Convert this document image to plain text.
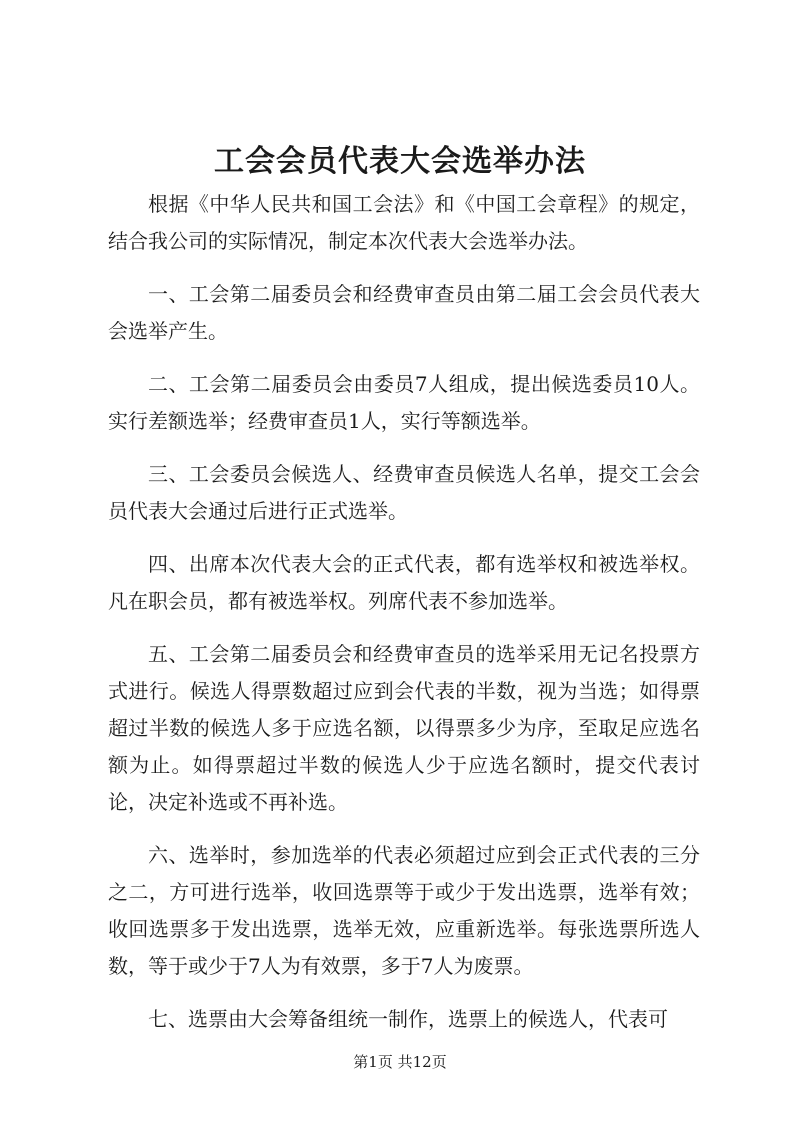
工会会员代表大会选举办法

根据《中华人民共和国工会法》和《中国工会章程》的规定，结合我公司的实际情况，制定本次代表大会选举办法。

一、工会第二届委员会和经费审查员由第二届工会会员代表大会选举产生。

二、工会第二届委员会由委员7人组成，提出候选委员10人。实行差额选举；经费审查员1人，实行等额选举。

三、工会委员会候选人、经费审查员候选人名单，提交工会会员代表大会通过后进行正式选举。

四、出席本次代表大会的正式代表，都有选举权和被选举权。凡在职会员，都有被选举权。列席代表不参加选举。

五、工会第二届委员会和经费审查员的选举采用无记名投票方式进行。候选人得票数超过应到会代表的半数，视为当选；如得票超过半数的候选人多于应选名额，以得票多少为序，至取足应选名额为止。如得票超过半数的候选人少于应选名额时，提交代表讨论，决定补选或不再补选。

六、选举时，参加选举的代表必须超过应到会正式代表的三分之二，方可进行选举，收回选票等于或少于发出选票，选举有效；收回选票多于发出选票，选举无效，应重新选举。每张选票所选人数，等于或少于7人为有效票，多于7人为废票。

七、选票由大会筹备组统一制作，选票上的候选人，代表可

第1页 共12页
